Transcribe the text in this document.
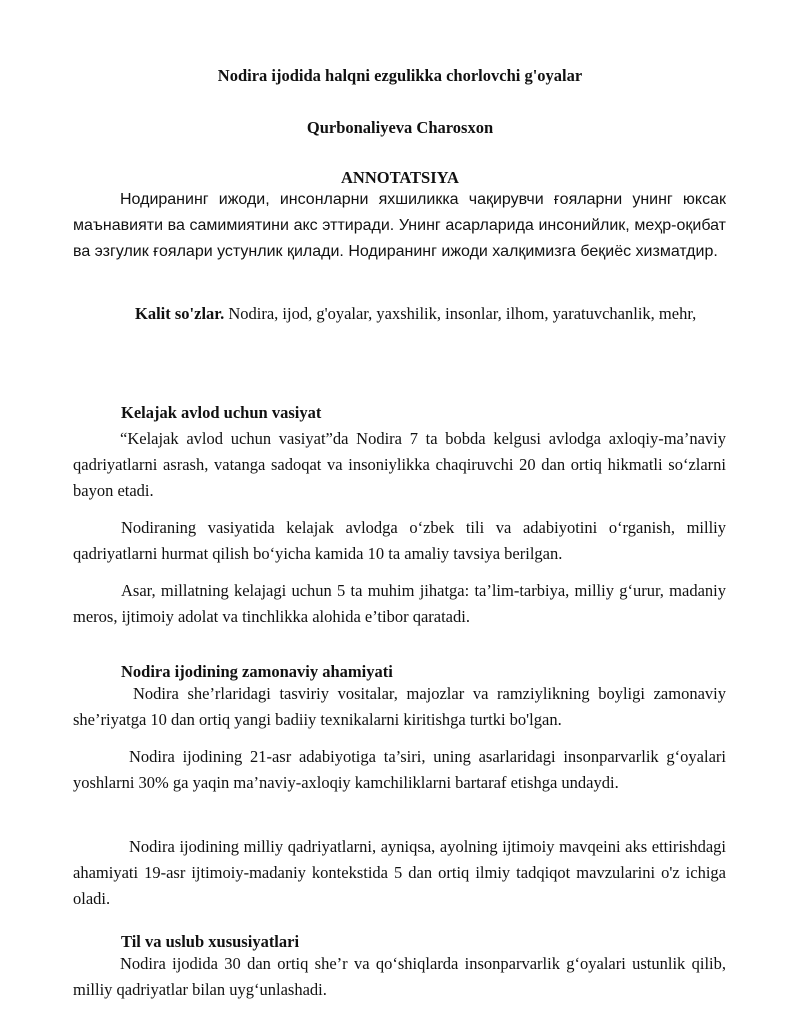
Nodira ijodida halqni ezgulikka chorlovchi g'oyalar
Qurbonaliyeva Charosxon
ANNOTATSIYA

Нодиранинг ижоди, инсонларни яхшиликка чақирувчи ғояларни унинг юксак маънавияти ва самимиятини акс эттиради. Унинг асарларида инсонийлик, меҳр-оқибат ва эзгулик ғоялари устунлик қилади. Нодиранинг ижоди халқимизга беқиёс хизматдир.

Kalit so'zlar. Nodira, ijod, g'oyalar, yaxshilik, insonlar, ilhom, yaratuvchanlik, mehr,

Kelajak avlod uchun vasiyat

“Kelajak avlod uchun vasiyat”da Nodira 7 ta bobda kelgusi avlodga axloqiy-ma’naviy qadriyatlarni asrash, vatanga sadoqat va insoniylikka chaqiruvchi 20 dan ortiq hikmatli so‘zlarni bayon etadi.

Nodiraning vasiyatida kelajak avlodga o‘zbek tili va adabiyotini o‘rganish, milliy qadriyatlarni hurmat qilish bo‘yicha kamida 10 ta amaliy tavsiya berilgan.

Asar, millatning kelajagi uchun 5 ta muhim jihatga: ta’lim-tarbiya, milliy g‘urur, madaniy meros, ijtimoiy adolat va tinchlikka alohida e’tibor qaratadi.

Nodira ijodining zamonaviy ahamiyati

Nodira she’rlaridagi tasviriy vositalar, majozlar va ramziylikning boyligi zamonaviy she’riyatga 10 dan ortiq yangi badiiy texnikalarni kiritishga turtki bo'lgan.

Nodira ijodining 21-asr adabiyotiga ta’siri, uning asarlaridagi insonparvarlik g‘oyalari yoshlarni 30% ga yaqin ma’naviy-axloqiy kamchiliklarni bartaraf etishga undaydi.

Nodira ijodining milliy qadriyatlarni, ayniqsa, ayolning ijtimoiy mavqeini aks ettirishdagi ahamiyati 19-asr ijtimoiy-madaniy kontekstida 5 dan ortiq ilmiy tadqiqot mavzularini o'z ichiga oladi.

Til va uslub xususiyatlari

Nodira ijodida 30 dan ortiq she’r va qo‘shiqlarda insonparvarlik g‘oyalari ustunlik qilib, milliy qadriyatlar bilan uyg‘unlashadi.
